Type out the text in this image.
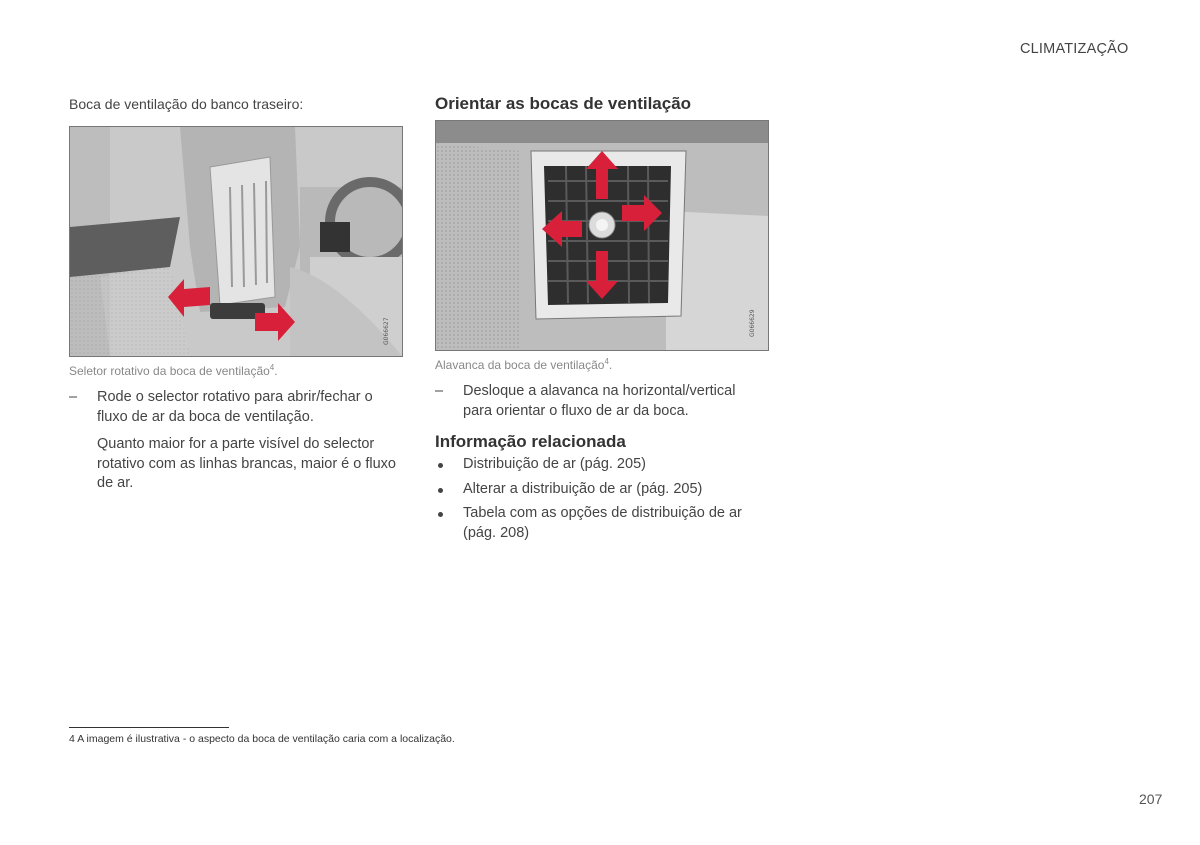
CLIMATIZAÇÃO
Boca de ventilação do banco traseiro:
G066627
Seletor rotativo da boca de ventilação$^4$.
–	Rode o selector rotativo para abrir/fechar o fluxo de ar da boca de ventilação.
Quanto maior for a parte visível do selector rotativo com as linhas brancas, maior é o fluxo de ar.
Orientar as bocas de ventilação
G066629
Alavanca da boca de ventilação$^4$.
–	Desloque a alavanca na horizontal/vertical para orientar o fluxo de ar da boca.
Informação relacionada
Distribuição de ar (pág. 205)
Alterar a distribuição de ar (pág. 205)
Tabela com as opções de distribuição de ar (pág. 208)
4 A imagem é ilustrativa - o aspecto da boca de ventilação caria com a localização.
207
